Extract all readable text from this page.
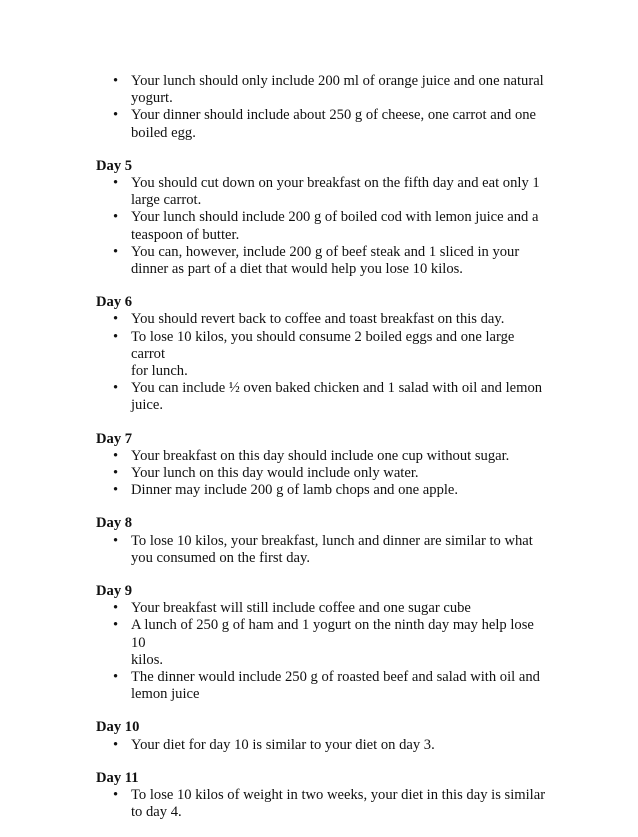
• Your lunch should only include 200 ml of orange juice and one natural
yogurt.
• Your dinner should include about 250 g of cheese, one carrot and one
boiled egg.
Day 5
• You should cut down on your breakfast on the fifth day and eat only 1
large carrot.
• Your lunch should include 200 g of boiled cod with lemon juice and a
teaspoon of butter.
• You can, however, include 200 g of beef steak and 1 sliced in your
dinner as part of a diet that would help you lose 10 kilos.
Day 6
• You should revert back to coffee and toast breakfast on this day.
• To lose 10 kilos, you should consume 2 boiled eggs and one large carrot
for lunch.
• You can include ½ oven baked chicken and 1 salad with oil and lemon
juice.
Day 7
• Your breakfast on this day should include one cup without sugar.
• Your lunch on this day would include only water.
• Dinner may include 200 g of lamb chops and one apple.
Day 8
• To lose 10 kilos, your breakfast, lunch and dinner are similar to what
you consumed on the first day.
Day 9
• Your breakfast will still include coffee and one sugar cube
• A lunch of 250 g of ham and 1 yogurt on the ninth day may help lose 10
kilos.
• The dinner would include 250 g of roasted beef and salad with oil and
lemon juice
Day 10
• Your diet for day 10 is similar to your diet on day 3.
Day 11
• To lose 10 kilos of weight in two weeks, your diet in this day is similar
to day 4.
